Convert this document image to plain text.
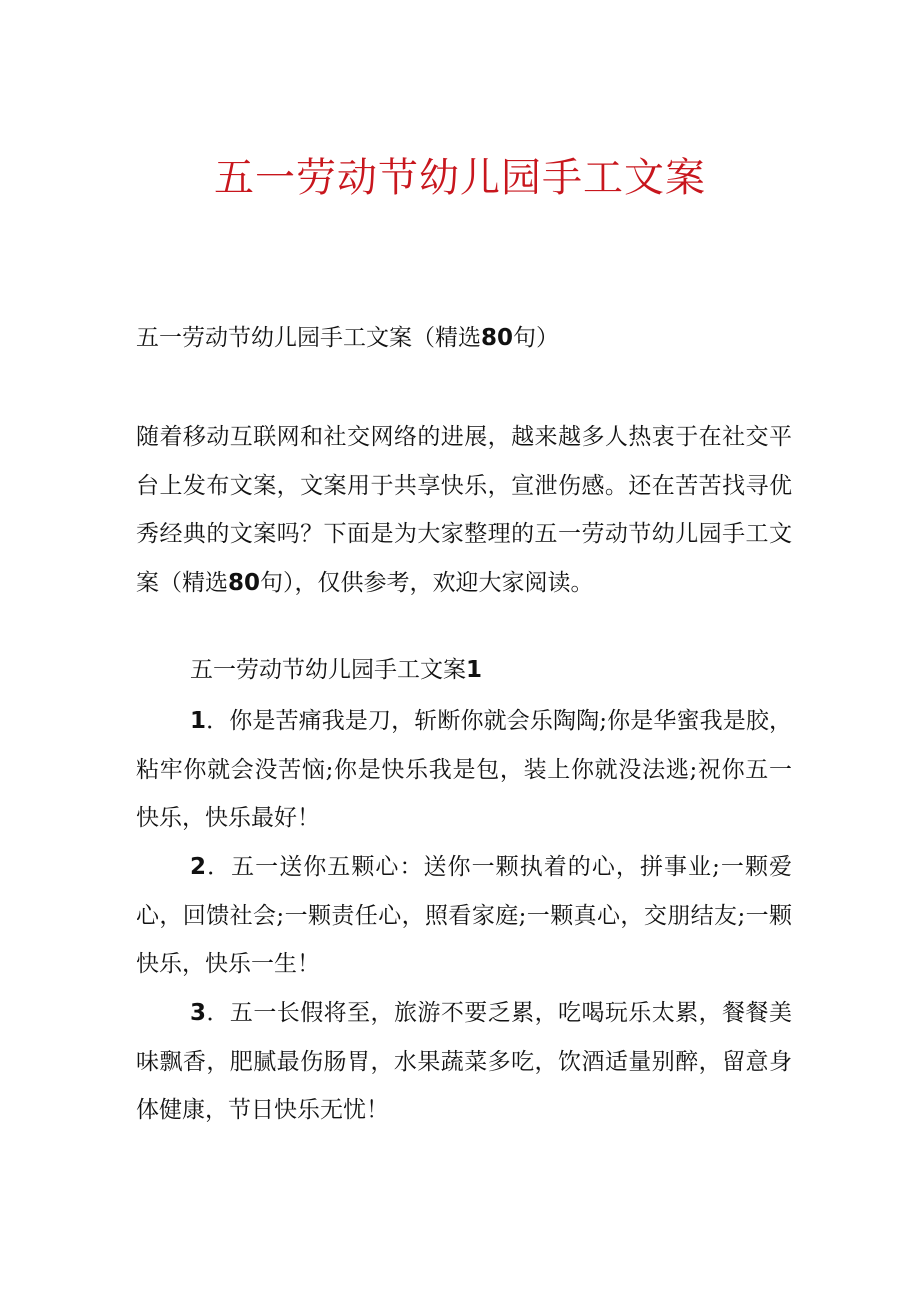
五一劳动节幼儿园手工文案

五一劳动节幼儿园手工文案（精选80句）

随着移动互联网和社交网络的进展，越来越多人热衷于在社交平台上发布文案，文案用于共享快乐，宣泄伤感。还在苦苦找寻优秀经典的文案吗？下面是为大家整理的五一劳动节幼儿园手工文案（精选80句），仅供参考，欢迎大家阅读。

五一劳动节幼儿园手工文案1

1．你是苦痛我是刀，斩断你就会乐陶陶;你是华蜜我是胶，粘牢你就会没苦恼;你是快乐我是包，装上你就没法逃;祝你五一快乐，快乐最好！

2．五一送你五颗心：送你一颗执着的心，拼事业;一颗爱心，回馈社会;一颗责任心，照看家庭;一颗真心，交朋结友;一颗快乐，快乐一生！

3．五一长假将至，旅游不要乏累，吃喝玩乐太累，餐餐美味飘香，肥腻最伤肠胃，水果蔬菜多吃，饮酒适量别醉，留意身体健康，节日快乐无忧！
